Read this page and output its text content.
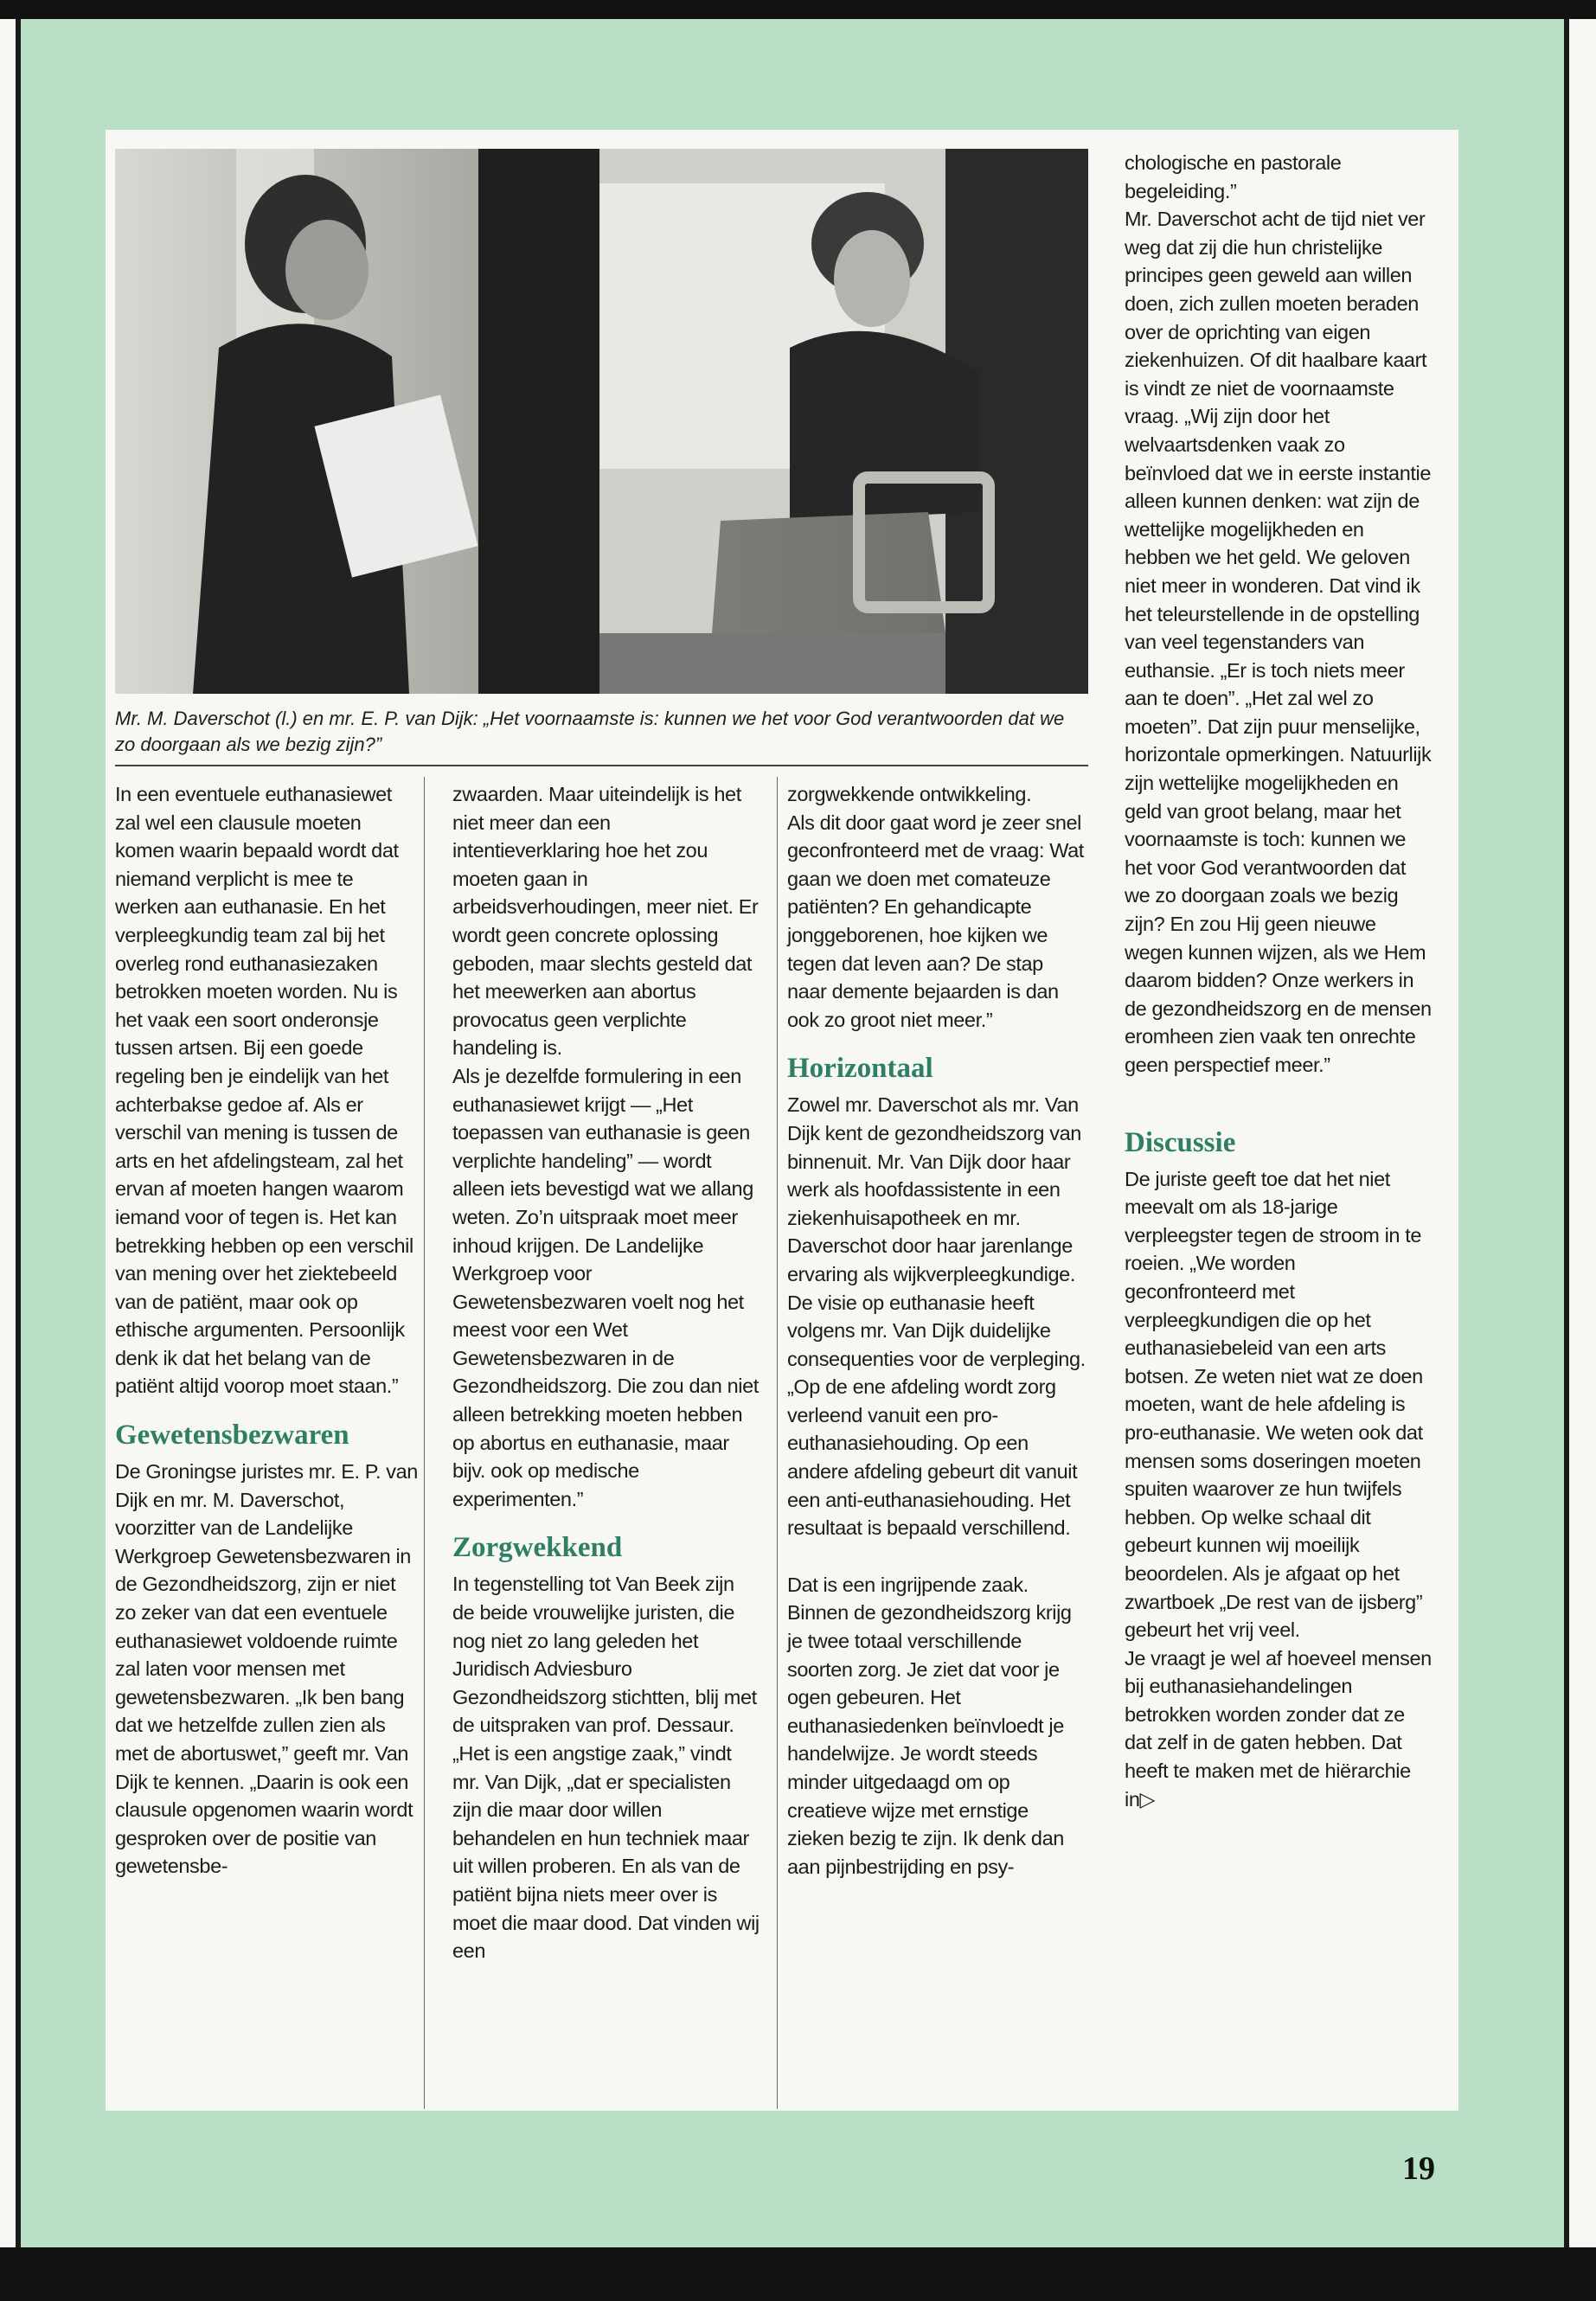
Mr. M. Daverschot (l.) en mr. E. P. van Dijk: „Het voornaamste is: kunnen we het voor God verantwoorden dat we zo doorgaan als we bezig zijn?”

In een eventuele euthanasiewet zal wel een clausule moeten komen waarin bepaald wordt dat niemand verplicht is mee te werken aan euthanasie. En het verpleegkundig team zal bij het overleg rond euthanasiezaken betrokken moeten worden. Nu is het vaak een soort onderonsje tussen artsen. Bij een goede regeling ben je eindelijk van het achterbakse gedoe af. Als er verschil van mening is tussen de arts en het afdelingsteam, zal het ervan af moeten hangen waarom iemand voor of tegen is. Het kan betrekking hebben op een verschil van mening over het ziektebeeld van de patiënt, maar ook op ethische argumenten. Persoonlijk denk ik dat het belang van de patiënt altijd voorop moet staan.”

Gewetensbezwaren

De Groningse juristes mr. E. P. van Dijk en mr. M. Daverschot, voorzitter van de Landelijke Werkgroep Gewetensbezwaren in de Gezondheidszorg, zijn er niet zo zeker van dat een eventuele euthanasiewet voldoende ruimte zal laten voor mensen met gewetensbezwaren. „Ik ben bang dat we hetzelfde zullen zien als met de abortuswet,” geeft mr. Van Dijk te kennen. „Daarin is ook een clausule opgenomen waarin wordt gesproken over de positie van gewetensbe-

zwaarden. Maar uiteindelijk is het niet meer dan een intentieverklaring hoe het zou moeten gaan in arbeidsverhoudingen, meer niet. Er wordt geen concrete oplossing geboden, maar slechts gesteld dat het meewerken aan abortus provocatus geen verplichte handeling is.

Als je dezelfde formulering in een euthanasiewet krijgt — „Het toepassen van euthanasie is geen verplichte handeling” — wordt alleen iets bevestigd wat we allang weten. Zo’n uitspraak moet meer inhoud krijgen. De Landelijke Werkgroep voor Gewetensbezwaren voelt nog het meest voor een Wet Gewetensbezwaren in de Gezondheidszorg. Die zou dan niet alleen betrekking moeten hebben op abortus en euthanasie, maar bijv. ook op medische experimenten.”

Zorgwekkend

In tegenstelling tot Van Beek zijn de beide vrouwelijke juristen, die nog niet zo lang geleden het Juridisch Adviesburo Gezondheidszorg stichtten, blij met de uitspraken van prof. Dessaur. „Het is een angstige zaak,” vindt mr. Van Dijk, „dat er specialisten zijn die maar door willen behandelen en hun techniek maar uit willen proberen. En als van de patiënt bijna niets meer over is moet die maar dood. Dat vinden wij een

zorgwekkende ontwikkeling.

Als dit door gaat word je zeer snel geconfronteerd met de vraag: Wat gaan we doen met comateuze patiënten? En gehandicapte jonggeborenen, hoe kijken we tegen dat leven aan? De stap naar demente bejaarden is dan ook zo groot niet meer.”

Horizontaal

Zowel mr. Daverschot als mr. Van Dijk kent de gezondheidszorg van binnenuit. Mr. Van Dijk door haar werk als hoofdassistente in een ziekenhuisapotheek en mr. Daverschot door haar jarenlange ervaring als wijkverpleegkundige. De visie op euthanasie heeft volgens mr. Van Dijk duidelijke consequenties voor de verpleging. „Op de ene afdeling wordt zorg verleend vanuit een pro-euthanasiehouding. Op een andere afdeling gebeurt dit vanuit een anti-euthanasiehouding. Het resultaat is bepaald verschillend.

Dat is een ingrijpende zaak. Binnen de gezondheidszorg krijg je twee totaal verschillende soorten zorg. Je ziet dat voor je ogen gebeuren. Het euthanasiedenken beïnvloedt je handelwijze. Je wordt steeds minder uitgedaagd om op creatieve wijze met ernstige zieken bezig te zijn. Ik denk dan aan pijnbestrijding en psy-

chologische en pastorale begeleiding.”

Mr. Daverschot acht de tijd niet ver weg dat zij die hun christelijke principes geen geweld aan willen doen, zich zullen moeten beraden over de oprichting van eigen ziekenhuizen. Of dit haalbare kaart is vindt ze niet de voornaamste vraag. „Wij zijn door het welvaartsdenken vaak zo beïnvloed dat we in eerste instantie alleen kunnen denken: wat zijn de wettelijke mogelijkheden en hebben we het geld. We geloven niet meer in wonderen. Dat vind ik het teleurstellende in de opstelling van veel tegenstanders van euthansie. „Er is toch niets meer aan te doen”. „Het zal wel zo moeten”. Dat zijn puur menselijke, horizontale opmerkingen. Natuurlijk zijn wettelijke mogelijkheden en geld van groot belang, maar het voornaamste is toch: kunnen we het voor God verantwoorden dat we zo doorgaan zoals we bezig zijn? En zou Hij geen nieuwe wegen kunnen wijzen, als we Hem daarom bidden? Onze werkers in de gezondheidszorg en de mensen eromheen zien vaak ten onrechte geen perspectief meer.”

Discussie

De juriste geeft toe dat het niet meevalt om als 18-jarige verpleegster tegen de stroom in te roeien. „We worden geconfronteerd met verpleegkundigen die op het euthanasiebeleid van een arts botsen. Ze weten niet wat ze doen moeten, want de hele afdeling is pro-euthanasie. We weten ook dat mensen soms doseringen moeten spuiten waarover ze hun twijfels hebben. Op welke schaal dit gebeurt kunnen wij moeilijk beoordelen. Als je afgaat op het zwartboek „De rest van de ijsberg” gebeurt het vrij veel.

Je vraagt je wel af hoeveel mensen bij euthanasiehandelingen betrokken worden zonder dat ze dat zelf in de gaten hebben. Dat heeft te maken met de hiërarchie in▷

19
